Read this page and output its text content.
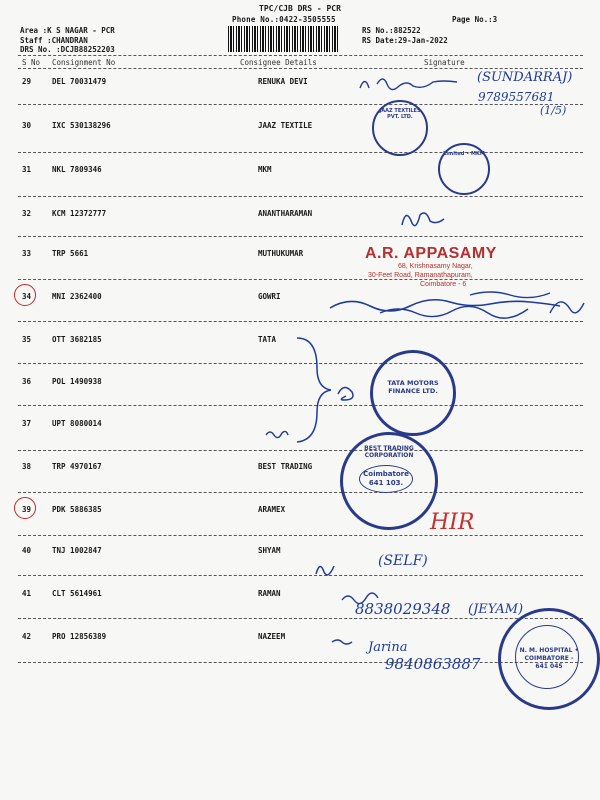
TPC/CJB DRS - PCR
Phone No.:0422-3505555	Page No.:3
Area :K S NAGAR - PCR
Staff :CHANDRAN
DRS No. :DCJB88252203
RS No.:882522
RS Date:29-Jan-2022
S No Consignment No	Consignee Details	Signature
29	DEL 70031479	RENUKA DEVI
30	IXC 530138296	JAAZ TEXTILE
31	NKL 7809346	MKM
32	KCM 12372777	ANANTHARAMAN
33	TRP 5661	MUTHUKUMAR
34	MNI 2362400	GOWRI
35	OTT 3682185	TATA
36	POL 1490938
37	UPT 8080014
38	TRP 4970167	BEST TRADING
39	PDK 5886385	ARAMEX
40	TNJ 1002847	SHYAM
41	CLT 5614961	RAMAN
42	PRO 12856389	NAZEEM
(SUNDARRAJ)
9789557681
(1/5)
JAAZ TEXTILES PVT. LTD.
Limited • MKM
A.R. APPASAMY
68, Krishnasamy Nagar,
30-Feet Road, Ramanathapuram,
Coimbatore - 6
TATA MOTORS FINANCE LTD.
BEST TRADING CORPORATION
Coimbatore
641 103.
HIR
(SELF)
8838029348 (JEYAM)
Jarina
9840863887
N. M. HOSPITAL • COIMBATORE - 641 045
